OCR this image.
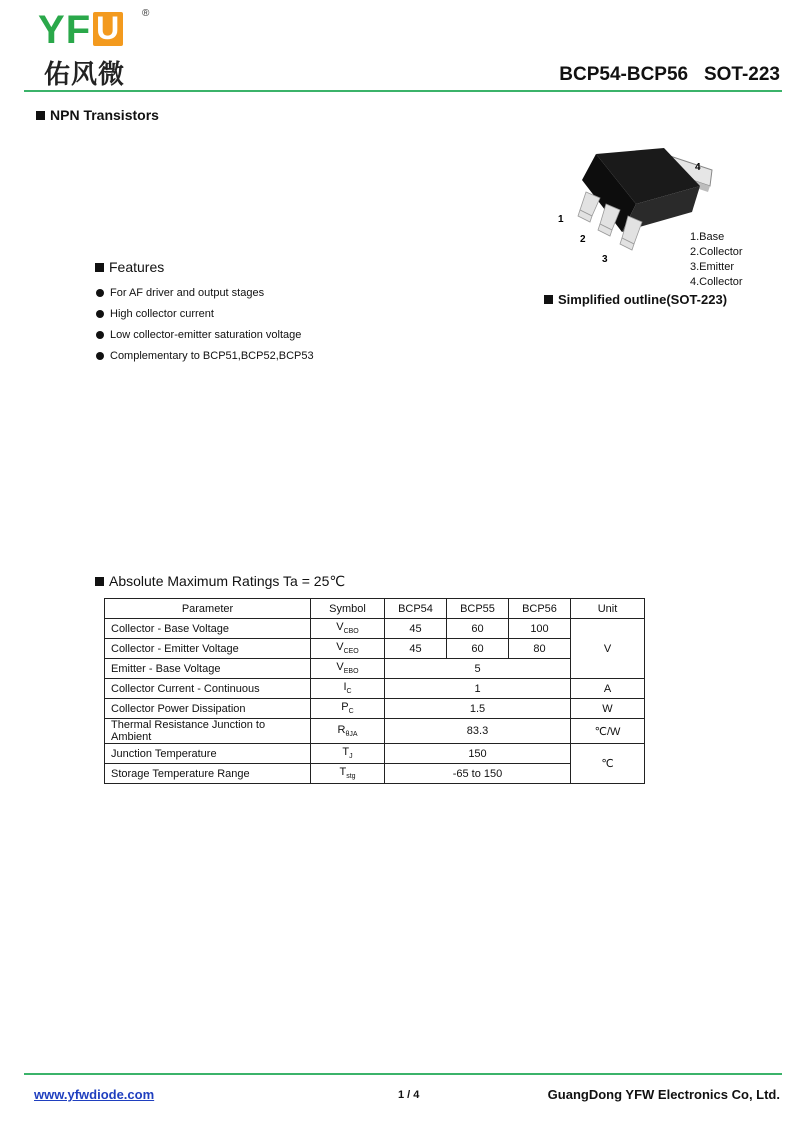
YF U ®
佑风微	BCP54-BCP56 SOT-223
NPN Transistors
4
1
2
3
1.Base
2.Collector
3.Emitter
4.Collector
Simplified outline(SOT-223)
Features
For AF driver and output stages
High collector current
Low collector-emitter saturation voltage
Complementary to BCP51,BCP52,BCP53
Absolute Maximum Ratings Ta = 25℃
Parameter	Symbol	BCP54	BCP55	BCP56	Unit
Collector - Base Voltage	$V_{CBO}$	45	60	100	V
Collector - Emitter Voltage	$V_{CEO}$	45	60	80	
Emitter - Base Voltage	$V_{EBO}$	5			
Collector Current - Continuous	$I_C$	1			A
Collector Power Dissipation	$P_C$	1.5			W
Thermal Resistance Junction to Ambient	$R_{\theta JA}$	83.3			℃/W
Junction Temperature	$T_J$	150			℃
Storage Temperature Range	$T_{stg}$	-65 to 150			
www.yfwdiode.com	1 / 4	GuangDong YFW Electronics Co, Ltd.
